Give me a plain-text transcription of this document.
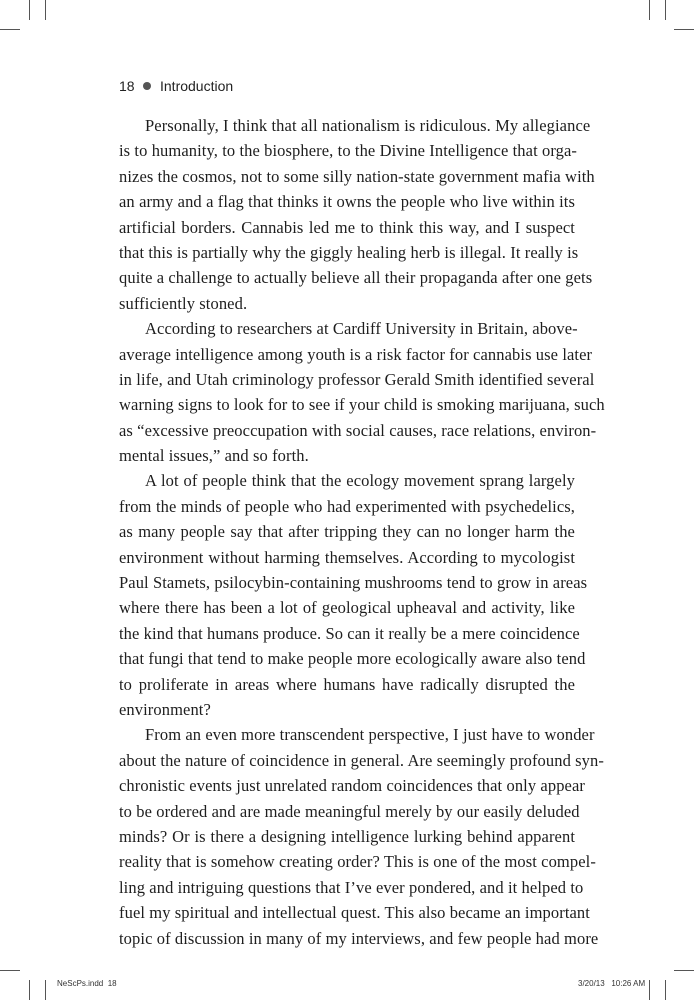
18 Introduction
Personally, I think that all nationalism is ridiculous. My allegiance
is to humanity, to the biosphere, to the Divine Intelligence that orga-
nizes the cosmos, not to some silly nation-state government mafia with
an army and a flag that thinks it owns the people who live within its
artificial borders. Cannabis led me to think this way, and I suspect
that this is partially why the giggly healing herb is illegal. It really is
quite a challenge to actually believe all their propaganda after one gets
sufficiently stoned.
According to researchers at Cardiff University in Britain, above-
average intelligence among youth is a risk factor for cannabis use later
in life, and Utah criminology professor Gerald Smith identified several
warning signs to look for to see if your child is smoking marijuana, such
as “excessive preoccupation with social causes, race relations, environ-
mental issues,” and so forth.
A lot of people think that the ecology movement sprang largely
from the minds of people who had experimented with psychedelics,
as many people say that after tripping they can no longer harm the
environment without harming themselves. According to mycologist
Paul Stamets, psilocybin-containing mushrooms tend to grow in areas
where there has been a lot of geological upheaval and activity, like
the kind that humans produce. So can it really be a mere coincidence
that fungi that tend to make people more ecologically aware also tend
to proliferate in areas where humans have radically disrupted the
environment?
From an even more transcendent perspective, I just have to wonder
about the nature of coincidence in general. Are seemingly profound syn-
chronistic events just unrelated random coincidences that only appear
to be ordered and are made meaningful merely by our easily deluded
minds? Or is there a designing intelligence lurking behind apparent
reality that is somehow creating order? This is one of the most compel-
ling and intriguing questions that I’ve ever pondered, and it helped to
fuel my spiritual and intellectual quest. This also became an important
topic of discussion in many of my interviews, and few people had more
NeScPs.indd 18	3/20/13   10:26 AM
